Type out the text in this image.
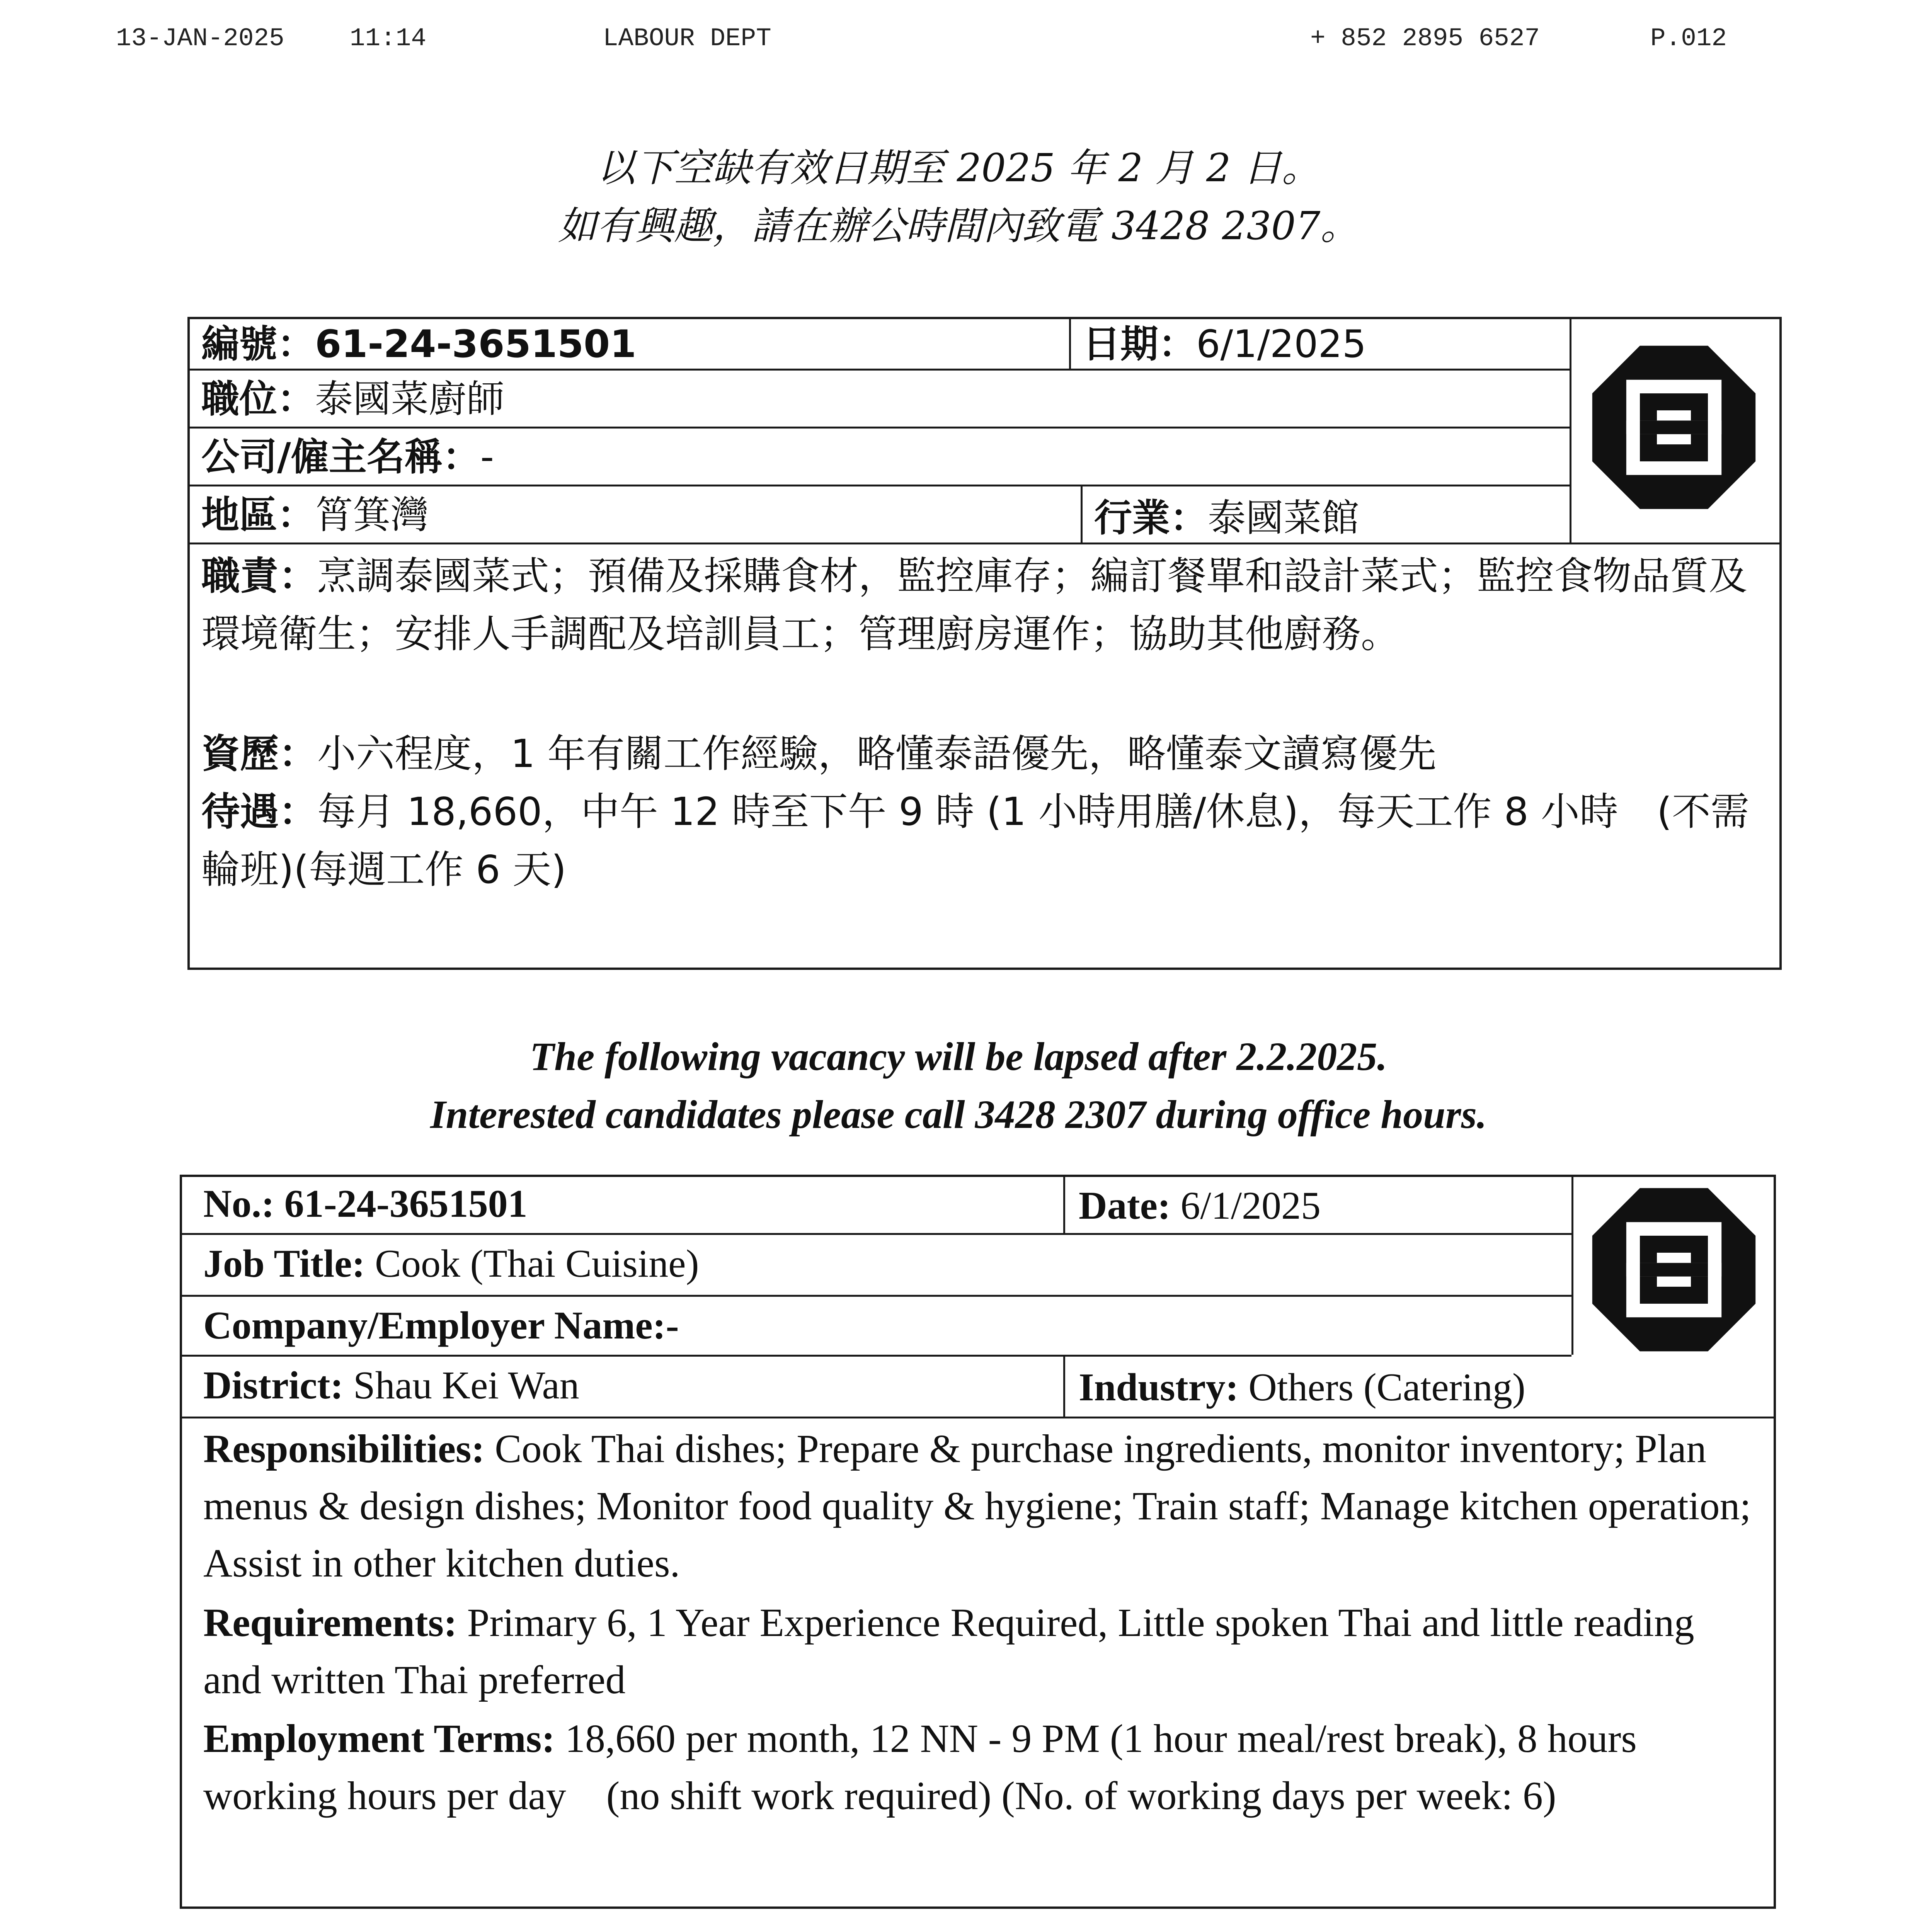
13-JAN-2025	11:14	LABOUR DEPT	+ 852 2895 6527	P.012
以下空缺有效日期至 2025 年 2 月 2 日。
如有興趣，請在辦公時間內致電 3428 2307。
編號：61-24-3651501	日期：6/1/2025
職位：泰國菜廚師
公司/僱主名稱：-
地區：筲箕灣	行業：泰國菜館
職責：烹調泰國菜式；預備及採購食材，監控庫存；編訂餐單和設計菜式；監控食物品質及環境衛生；安排人手調配及培訓員工；管理廚房運作；協助其他廚務。
資歷：小六程度，1 年有關工作經驗，略懂泰語優先，略懂泰文讀寫優先
待遇：每月 18,660，中午 12 時至下午 9 時 (1 小時用膳/休息)，每天工作 8 小時　(不需輪班)(每週工作 6 天)
The following vacancy will be lapsed after 2.2.2025.
Interested candidates please call 3428 2307 during office hours.
No.: 61-24-3651501	Date: 6/1/2025
Job Title: Cook (Thai Cuisine)
Company/Employer Name:-
District: Shau Kei Wan	Industry: Others (Catering)
Responsibilities: Cook Thai dishes; Prepare & purchase ingredients, monitor inventory; Plan menus & design dishes; Monitor food quality & hygiene; Train staff; Manage kitchen operation; Assist in other kitchen duties.
Requirements: Primary 6, 1 Year Experience Required, Little spoken Thai and little reading and written Thai preferred
Employment Terms: 18,660 per month, 12 NN - 9 PM (1 hour meal/rest break), 8 hours working hours per day　(no shift work required) (No. of working days per week: 6)
